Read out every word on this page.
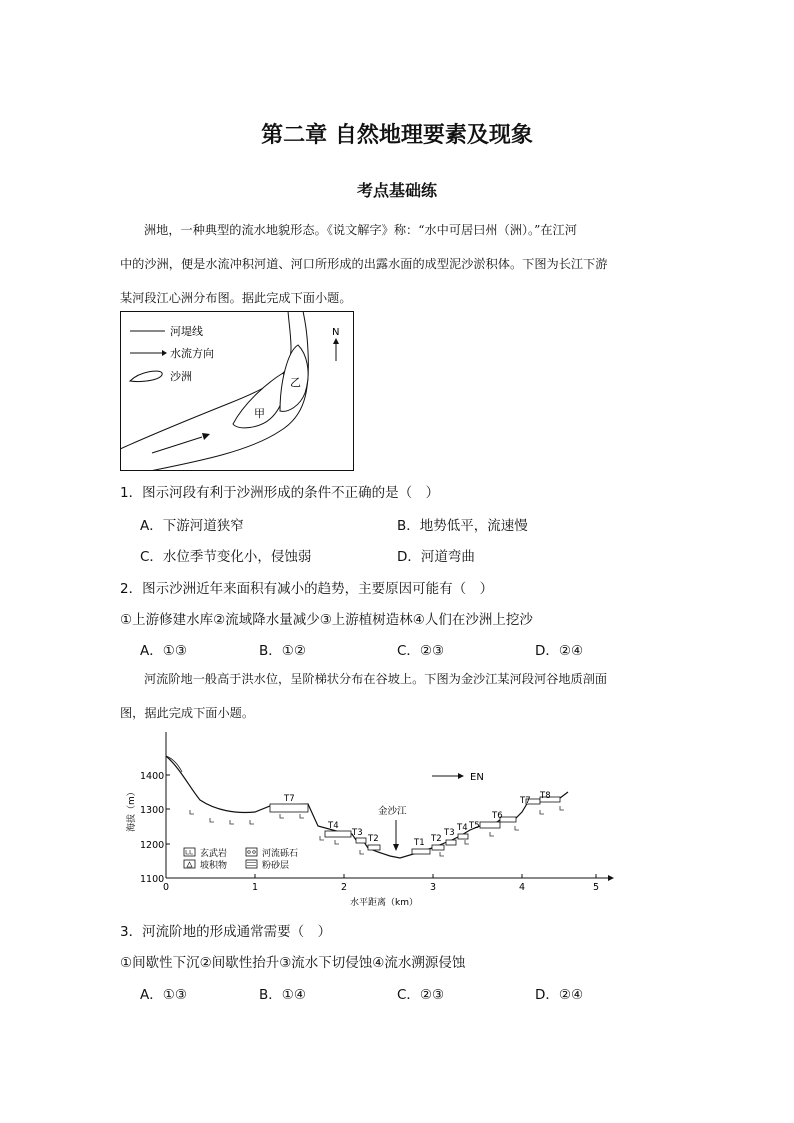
第二章 自然地理要素及现象
考点基础练
洲地，一种典型的流水地貌形态。《说文解字》称：“水中可居曰州（洲）。”在江河
中的沙洲，便是水流冲积河道、河口所形成的出露水面的成型泥沙淤积体。下图为长江下游
某河段江心洲分布图。据此完成下面小题。
河堤线
水流方向
沙洲
N
甲
乙
1．图示河段有利于沙洲形成的条件不正确的是（　）
A．下游河道狭窄	B．地势低平，流速慢
C．水位季节变化小，侵蚀弱	D．河道弯曲
2．图示沙洲近年来面积有减小的趋势，主要原因可能有（　）
①上游修建水库②流域降水量减少③上游植树造林④人们在沙洲上挖沙
A．①③	B．①②	C．②③	D．②④
河流阶地一般高于洪水位，呈阶梯状分布在谷坡上。下图为金沙江某河段河谷地质剖面
图，据此完成下面小题。
海拔（m）
水平距离（km）
1400
1300
1200
1100
0	1	2	3	4	5
T7
T4
T3
T2	T1 T2
T3 T4 T5
T6
T7 T8
金沙江
EN
玄武岩	河流砾石
坡积物	粉砂层
3．河流阶地的形成通常需要（　）
①间歇性下沉②间歇性抬升③流水下切侵蚀④流水溯源侵蚀
A．①③	B．①④	C．②③	D．②④
